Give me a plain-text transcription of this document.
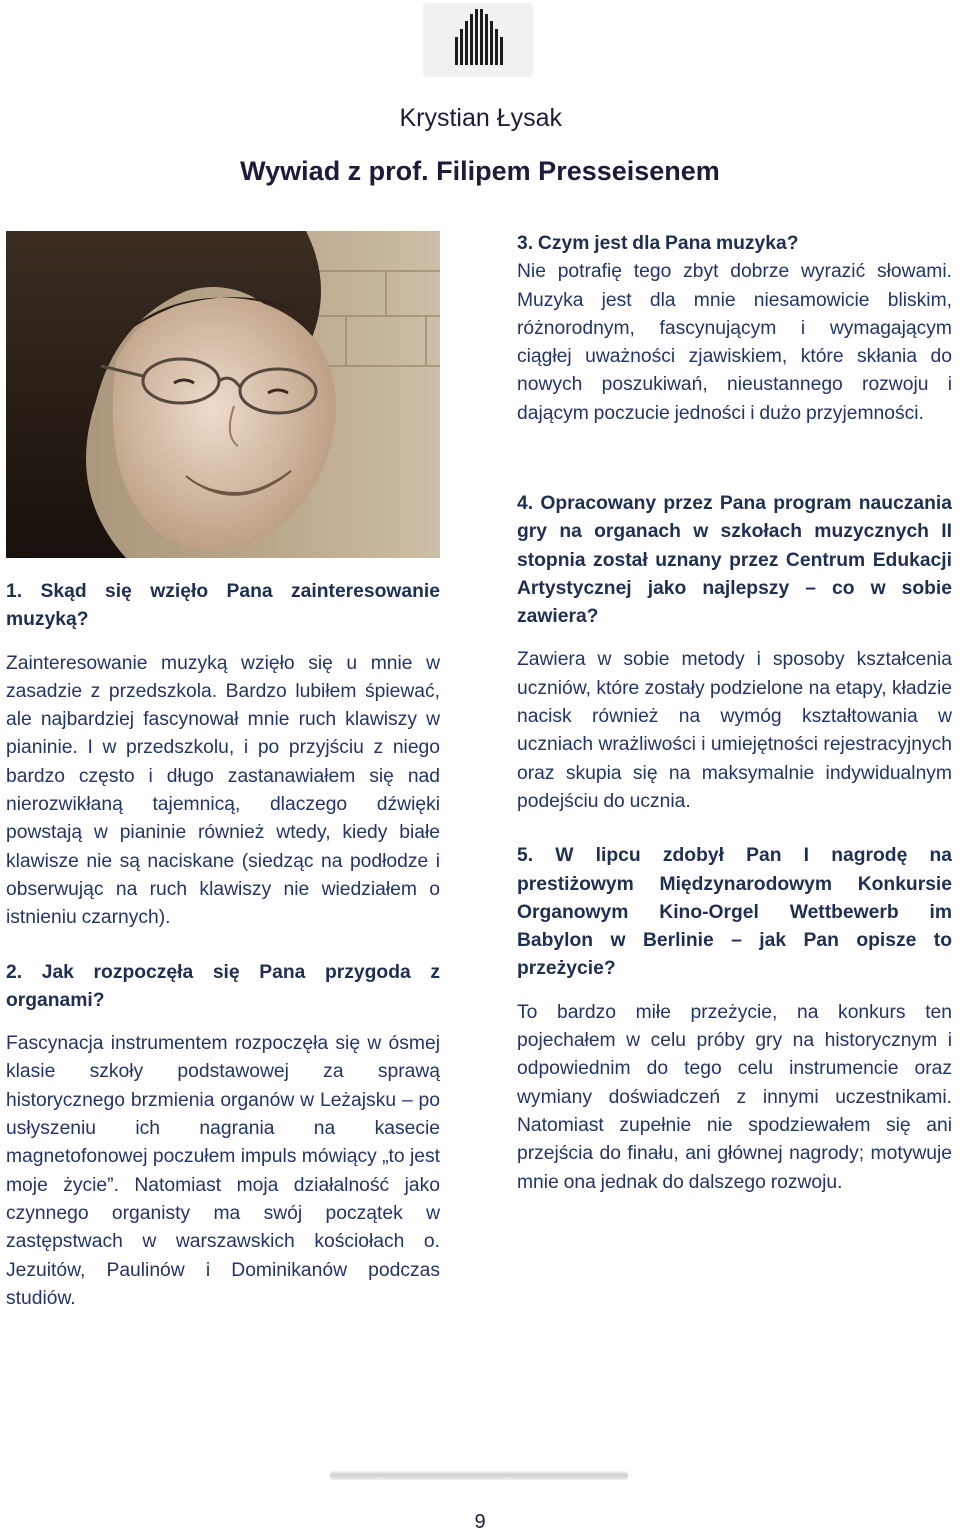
Krystian Łysak
Wywiad z prof. Filipem Presseisenem

1. Skąd się wzięło Pana zainteresowanie muzyką?

Zainteresowanie muzyką wzięło się u mnie w zasadzie z przedszkola. Bardzo lubiłem śpiewać, ale najbardziej fascynował mnie ruch klawiszy w pianinie. I w przedszkolu, i po przyjściu z niego bardzo często i długo zastanawiałem się nad nierozwikłaną tajemnicą, dlaczego dźwięki powstają w pianinie również wtedy, kiedy białe klawisze nie są naciskane (siedząc na podłodze i obserwując na ruch klawiszy nie wiedziałem o istnieniu czarnych).

2. Jak rozpoczęła się Pana przygoda z organami?

Fascynacja instrumentem rozpoczęła się w ósmej klasie szkoły podstawowej za sprawą historycznego brzmienia organów w Leżajsku – po usłyszeniu ich nagrania na kasecie magnetofonowej poczułem impuls mówiący „to jest moje życie”. Natomiast moja działalność jako czynnego organisty ma swój początek w zastępstwach w warszawskich kościołach o. Jezuitów, Paulinów i Dominikanów podczas studiów.

3. Czym jest dla Pana muzyka?

Nie potrafię tego zbyt dobrze wyrazić słowami. Muzyka jest dla mnie niesamowicie bliskim, różnorodnym, fascynującym i wymagającym ciągłej uważności zjawiskiem, które skłania do nowych poszukiwań, nieustannego rozwoju i dającym poczucie jedności i dużo przyjemności.

4. Opracowany przez Pana program nauczania gry na organach w szkołach muzycznych II stopnia został uznany przez Centrum Edukacji Artystycznej jako najlepszy – co w sobie zawiera?

Zawiera w sobie metody i sposoby kształcenia uczniów, które zostały podzielone na etapy, kładzie nacisk również na wymóg kształtowania w uczniach wrażliwości i umiejętności rejestracyjnych oraz skupia się na maksymalnie indywidualnym podejściu do ucznia.

5. W lipcu zdobył Pan I nagrodę na prestiżowym Międzynarodowym Konkursie Organowym Kino-Orgel Wettbewerb im Babylon w Berlinie – jak Pan opisze to przeżycie?

To bardzo miłe przeżycie, na konkurs ten pojechałem w celu próby gry na historycznym i odpowiednim do tego celu instrumencie oraz wymiany doświadczeń z innymi uczestnikami. Natomiast zupełnie nie spodziewałem się ani przejścia do finału, ani głównej nagrody; motywuje mnie ona jednak do dalszego rozwoju.

9
